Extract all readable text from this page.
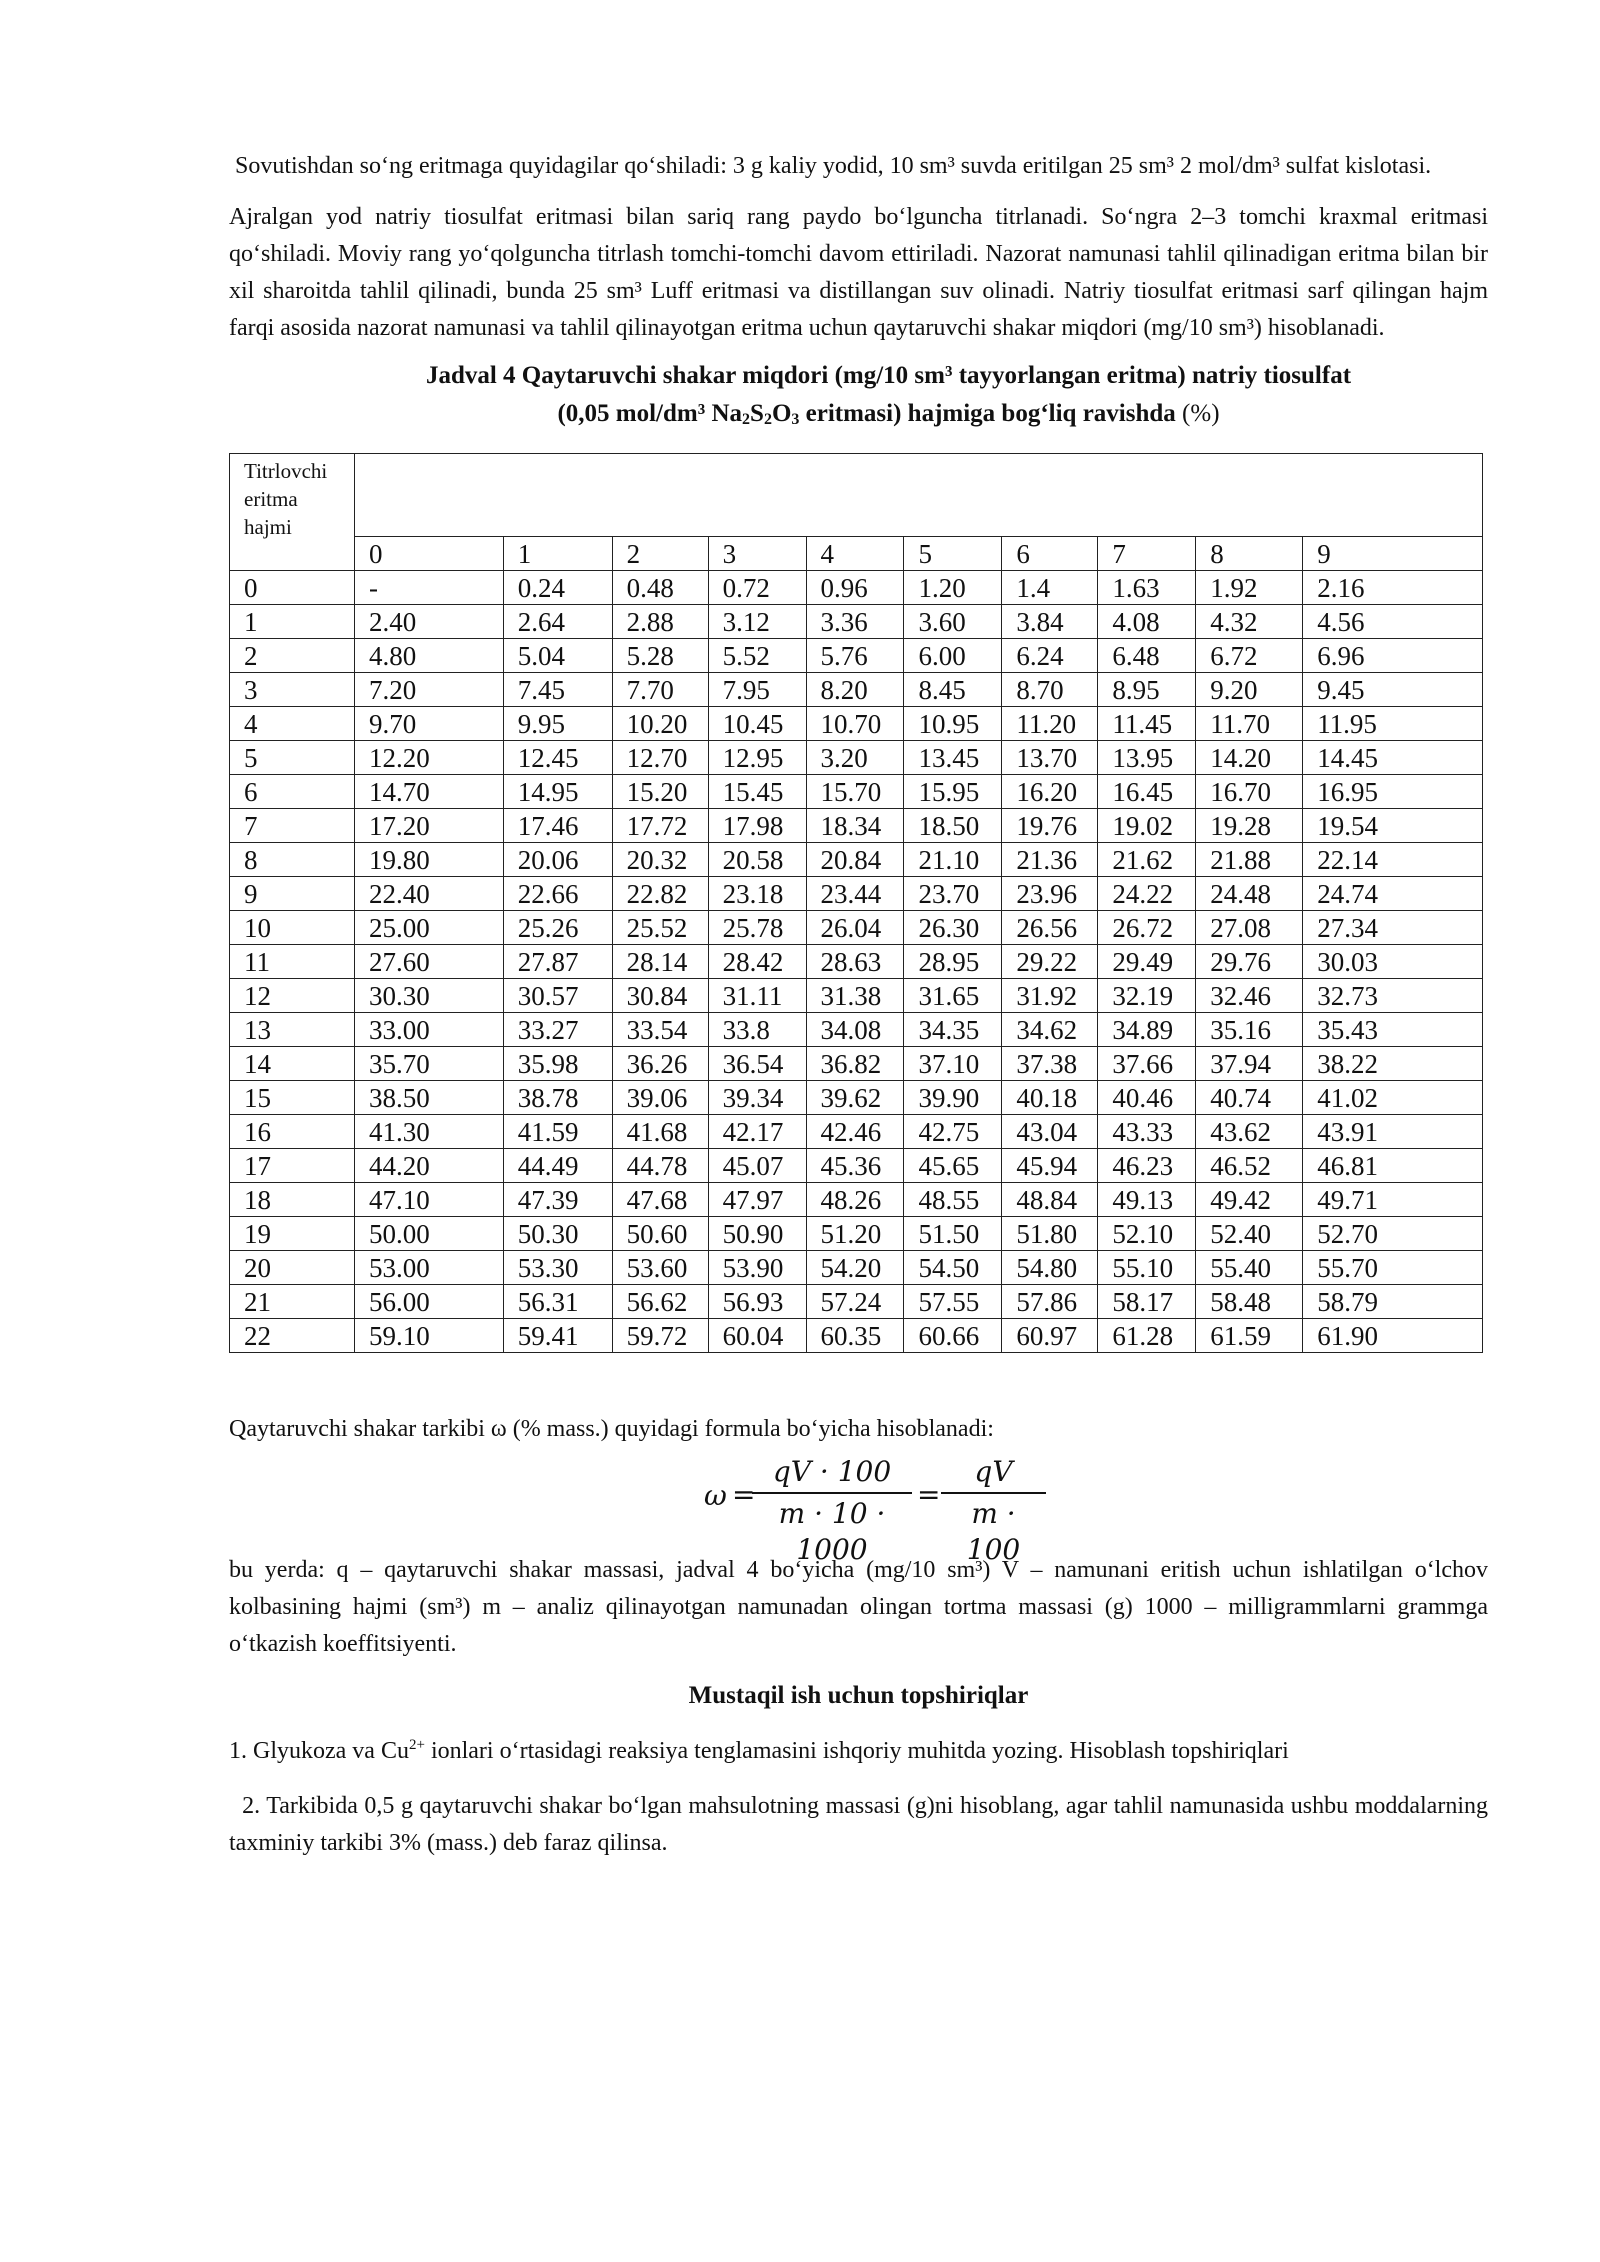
Sovutishdan so‘ng eritmaga quyidagilar qo‘shiladi: 3 g kaliy yodid, 10 sm³ suvda eritilgan 25 sm³ 2 mol/dm³ sulfat kislotasi.

Ajralgan yod natriy tiosulfat eritmasi bilan sariq rang paydo bo‘lguncha titrlanadi. So‘ngra 2–3 tomchi kraxmal eritmasi qo‘shiladi. Moviy rang yo‘qolguncha titrlash tomchi-tomchi davom ettiriladi. Nazorat namunasi tahlil qilinadigan eritma bilan bir xil sharoitda tahlil qilinadi, bunda 25 sm³ Luff eritmasi va distillangan suv olinadi. Natriy tiosulfat eritmasi sarf qilingan hajm farqi asosida nazorat namunasi va tahlil qilinayotgan eritma uchun qaytaruvchi shakar miqdori (mg/10 sm³) hisoblanadi.

Jadval 4 Qaytaruvchi shakar miqdori (mg/10 sm³ tayyorlangan eritma) natriy tiosulfat
(0,05 mol/dm³ $Na_2S_2O_3$ eritmasi) hajmiga bog‘liq ravishda (%)
Titrlovchi eritma hajmi										
	0	1	2	3	4	5	6	7	8	9
0	-	0.24	0.48	0.72	0.96	1.20	1.4	1.63	1.92	2.16
1	2.40	2.64	2.88	3.12	3.36	3.60	3.84	4.08	4.32	4.56
2	4.80	5.04	5.28	5.52	5.76	6.00	6.24	6.48	6.72	6.96
3	7.20	7.45	7.70	7.95	8.20	8.45	8.70	8.95	9.20	9.45
4	9.70	9.95	10.20	10.45	10.70	10.95	11.20	11.45	11.70	11.95
5	12.20	12.45	12.70	12.95	3.20	13.45	13.70	13.95	14.20	14.45
6	14.70	14.95	15.20	15.45	15.70	15.95	16.20	16.45	16.70	16.95
7	17.20	17.46	17.72	17.98	18.34	18.50	19.76	19.02	19.28	19.54
8	19.80	20.06	20.32	20.58	20.84	21.10	21.36	21.62	21.88	22.14
9	22.40	22.66	22.82	23.18	23.44	23.70	23.96	24.22	24.48	24.74
10	25.00	25.26	25.52	25.78	26.04	26.30	26.56	26.72	27.08	27.34
11	27.60	27.87	28.14	28.42	28.63	28.95	29.22	29.49	29.76	30.03
12	30.30	30.57	30.84	31.11	31.38	31.65	31.92	32.19	32.46	32.73
13	33.00	33.27	33.54	33.8	34.08	34.35	34.62	34.89	35.16	35.43
14	35.70	35.98	36.26	36.54	36.82	37.10	37.38	37.66	37.94	38.22
15	38.50	38.78	39.06	39.34	39.62	39.90	40.18	40.46	40.74	41.02
16	41.30	41.59	41.68	42.17	42.46	42.75	43.04	43.33	43.62	43.91
17	44.20	44.49	44.78	45.07	45.36	45.65	45.94	46.23	46.52	46.81
18	47.10	47.39	47.68	47.97	48.26	48.55	48.84	49.13	49.42	49.71
19	50.00	50.30	50.60	50.90	51.20	51.50	51.80	52.10	52.40	52.70
20	53.00	53.30	53.60	53.90	54.20	54.50	54.80	55.10	55.40	55.70
21	56.00	56.31	56.62	56.93	57.24	57.55	57.86	58.17	58.48	58.79
22	59.10	59.41	59.72	60.04	60.35	60.66	60.97	61.28	61.59	61.90

Qaytaruvchi shakar tarkibi ω (% mass.) quyidagi formula bo‘yicha hisoblanadi:

ω =
qV · 100
m · 10 · 1000
=
qV
m · 100

bu yerda: q – qaytaruvchi shakar massasi, jadval 4 bo‘yicha (mg/10 sm³) V – namunani eritish uchun ishlatilgan o‘lchov kolbasining hajmi (sm³) m – analiz qilinayotgan namunadan olingan tortma massasi (g) 1000 – milligrammlarni grammga o‘tkazish koeffitsiyenti.

Mustaqil ish uchun topshiriqlar

1. Glyukoza va $Cu^{2+}$ ionlari o‘rtasidagi reaksiya tenglamasini ishqoriy muhitda yozing. Hisoblash topshiriqlari

2. Tarkibida 0,5 g qaytaruvchi shakar bo‘lgan mahsulotning massasi (g)ni hisoblang, agar tahlil namunasida ushbu moddalarning taxminiy tarkibi 3% (mass.) deb faraz qilinsa.
